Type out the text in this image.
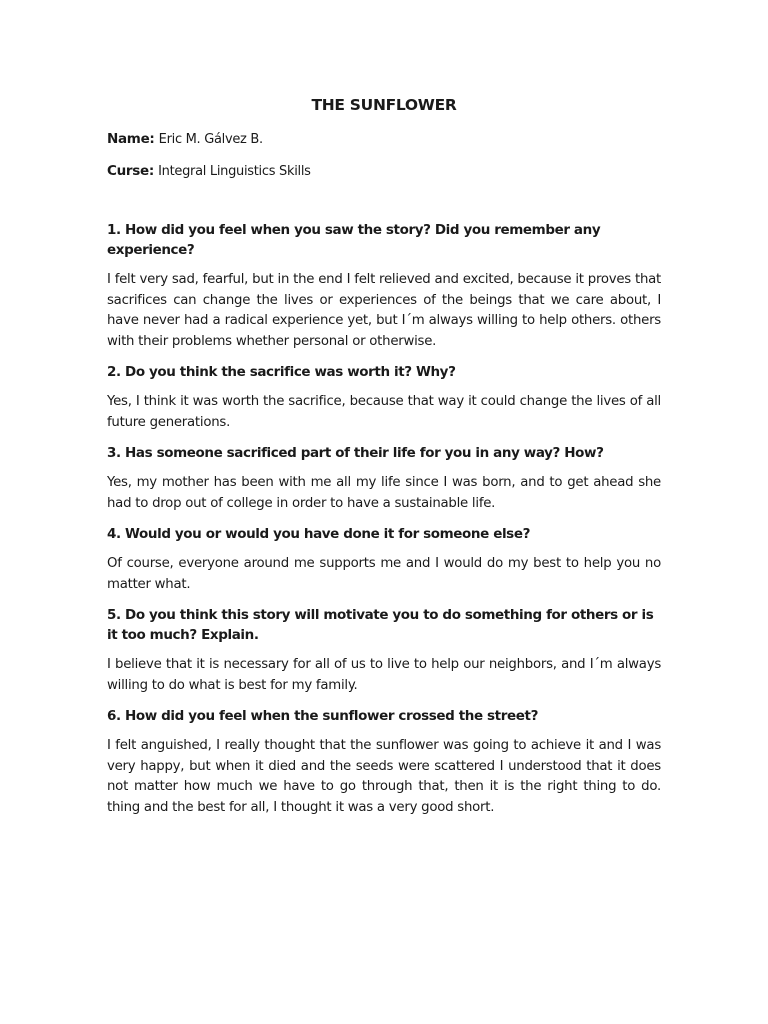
THE SUNFLOWER
Name: Eric M. Gálvez B.
Curse: Integral Linguistics Skills
1. How did you feel when you saw the story? Did you remember any experience?
I felt very sad, fearful, but in the end I felt relieved and excited, because it proves that sacrifices can change the lives or experiences of the beings that we care about, I have never had a radical experience yet, but I´m always willing to help others. others with their problems whether personal or otherwise.
2. Do you think the sacrifice was worth it? Why?
Yes, I think it was worth the sacrifice, because that way it could change the lives of all future generations.
3. Has someone sacrificed part of their life for you in any way? How?
Yes, my mother has been with me all my life since I was born, and to get ahead she had to drop out of college in order to have a sustainable life.
4. Would you or would you have done it for someone else?
Of course, everyone around me supports me and I would do my best to help you no matter what.
5. Do you think this story will motivate you to do something for others or is it too much? Explain.
I believe that it is necessary for all of us to live to help our neighbors, and I´m always willing to do what is best for my family.
6. How did you feel when the sunflower crossed the street?
I felt anguished, I really thought that the sunflower was going to achieve it and I was very happy, but when it died and the seeds were scattered I understood that it does not matter how much we have to go through that, then it is the right thing to do. thing and the best for all, I thought it was a very good short.
